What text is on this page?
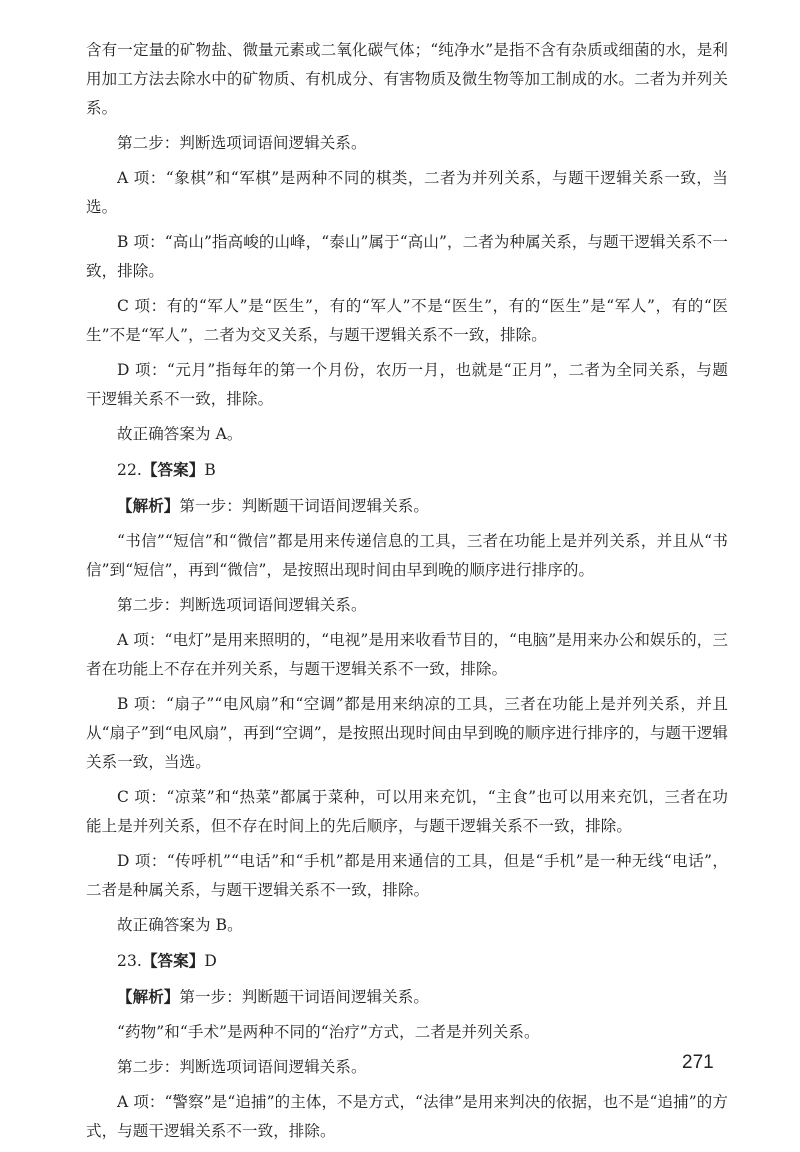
含有一定量的矿物盐、微量元素或二氧化碳气体；“纯净水”是指不含有杂质或细菌的水，是利用加工方法去除水中的矿物质、有机成分、有害物质及微生物等加工制成的水。二者为并列关系。

第二步：判断选项词语间逻辑关系。

A 项：“象棋”和“军棋”是两种不同的棋类，二者为并列关系，与题干逻辑关系一致，当选。

B 项：“高山”指高峻的山峰，“泰山”属于“高山”，二者为种属关系，与题干逻辑关系不一致，排除。

C 项：有的“军人”是“医生”，有的“军人”不是“医生”，有的“医生”是“军人”，有的“医生”不是“军人”，二者为交叉关系，与题干逻辑关系不一致，排除。

D 项：“元月”指每年的第一个月份，农历一月，也就是“正月”，二者为全同关系，与题干逻辑关系不一致，排除。

故正确答案为 A。

22.【答案】B

【解析】第一步：判断题干词语间逻辑关系。

“书信”“短信”和“微信”都是用来传递信息的工具，三者在功能上是并列关系，并且从“书信”到“短信”，再到“微信”，是按照出现时间由早到晚的顺序进行排序的。

第二步：判断选项词语间逻辑关系。

A 项：“电灯”是用来照明的，“电视”是用来收看节目的，“电脑”是用来办公和娱乐的，三者在功能上不存在并列关系，与题干逻辑关系不一致，排除。

B 项：“扇子”“电风扇”和“空调”都是用来纳凉的工具，三者在功能上是并列关系，并且从“扇子”到“电风扇”，再到“空调”，是按照出现时间由早到晚的顺序进行排序的，与题干逻辑关系一致，当选。

C 项：“凉菜”和“热菜”都属于菜种，可以用来充饥，“主食”也可以用来充饥，三者在功能上是并列关系，但不存在时间上的先后顺序，与题干逻辑关系不一致，排除。

D 项：“传呼机”“电话”和“手机”都是用来通信的工具，但是“手机”是一种无线“电话”，二者是种属关系，与题干逻辑关系不一致，排除。

故正确答案为 B。

23.【答案】D

【解析】第一步：判断题干词语间逻辑关系。

“药物”和“手术”是两种不同的“治疗”方式，二者是并列关系。

第二步：判断选项词语间逻辑关系。

A 项：“警察”是“追捕”的主体，不是方式，“法律”是用来判决的依据，也不是“追捕”的方式，与题干逻辑关系不一致，排除。

271
